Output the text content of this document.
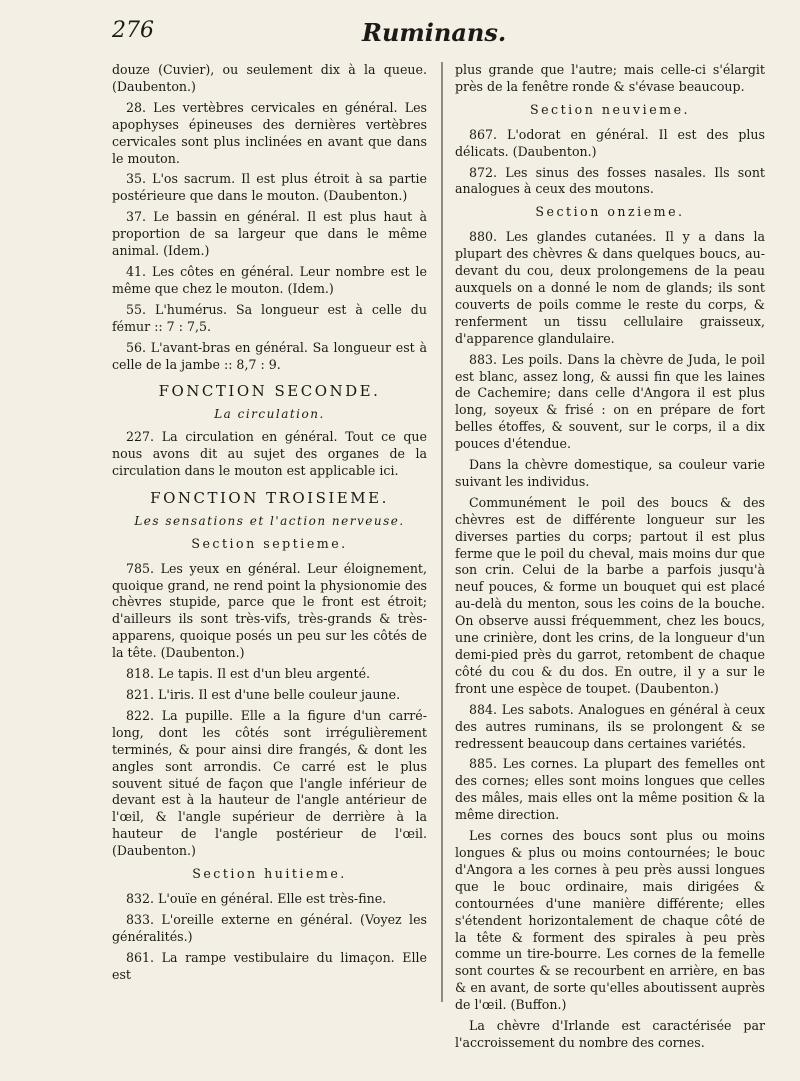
276	Ruminans.

douze (Cuvier), ou seulement dix à la queue. (Daubenton.)

28. Les vertèbres cervicales en général. Les apophyses épineuses des dernières vertèbres cervicales sont plus inclinées en avant que dans le mouton.

35. L'os sacrum. Il est plus étroit à sa partie postérieure que dans le mouton. (Daubenton.)

37. Le bassin en général. Il est plus haut à proportion de sa largeur que dans le même animal. (Idem.)

41. Les côtes en général. Leur nombre est le même que chez le mouton. (Idem.)

55. L'humérus. Sa longueur est à celle du fémur :: 7 : 7,5.

56. L'avant-bras en général. Sa longueur est à celle de la jambe :: 8,7 : 9.

FONCTION SECONDE.
La circulation.

227. La circulation en général. Tout ce que nous avons dit au sujet des organes de la circulation dans le mouton est applicable ici.

FONCTION TROISIEME.
Les sensations et l'action nerveuse.
Section septieme.

785. Les yeux en général. Leur éloignement, quoique grand, ne rend point la physionomie des chèvres stupide, parce que le front est étroit; d'ailleurs ils sont très-vifs, très-grands & très-apparens, quoique posés un peu sur les côtés de la tête. (Daubenton.)

818. Le tapis. Il est d'un bleu argenté.

821. L'iris. Il est d'une belle couleur jaune.

822. La pupille. Elle a la figure d'un carré-long, dont les côtés sont irrégulièrement terminés, & pour ainsi dire frangés, & dont les angles sont arrondis. Ce carré est le plus souvent situé de façon que l'angle inférieur de devant est à la hauteur de l'angle antérieur de l'œil, & l'angle supérieur de derrière à la hauteur de l'angle postérieur de l'œil. (Daubenton.)

Section huitieme.

832. L'ouïe en général. Elle est très-fine.

833. L'oreille externe en général. (Voyez les généralités.)

861. La rampe vestibulaire du limaçon. Elle est

plus grande que l'autre; mais celle-ci s'élargit près de la fenêtre ronde & s'évase beaucoup.

Section neuvieme.

867. L'odorat en général. Il est des plus délicats. (Daubenton.)

872. Les sinus des fosses nasales. Ils sont analogues à ceux des moutons.

Section onzieme.

880. Les glandes cutanées. Il y a dans la plupart des chèvres & dans quelques boucs, au-devant du cou, deux prolongemens de la peau auxquels on a donné le nom de glands; ils sont couverts de poils comme le reste du corps, & renferment un tissu cellulaire graisseux, d'apparence glandulaire.

883. Les poils. Dans la chèvre de Juda, le poil est blanc, assez long, & aussi fin que les laines de Cachemire; dans celle d'Angora il est plus long, soyeux & frisé : on en prépare de fort belles étoffes, & souvent, sur le corps, il a dix pouces d'étendue.

Dans la chèvre domestique, sa couleur varie suivant les individus.

Communément le poil des boucs & des chèvres est de différente longueur sur les diverses parties du corps; partout il est plus ferme que le poil du cheval, mais moins dur que son crin. Celui de la barbe a parfois jusqu'à neuf pouces, & forme un bouquet qui est placé au-delà du menton, sous les coins de la bouche. On observe aussi fréquemment, chez les boucs, une crinière, dont les crins, de la longueur d'un demi-pied près du garrot, retombent de chaque côté du cou & du dos. En outre, il y a sur le front une espèce de toupet. (Daubenton.)

884. Les sabots. Analogues en général à ceux des autres ruminans, ils se prolongent & se redressent beaucoup dans certaines variétés.

885. Les cornes. La plupart des femelles ont des cornes; elles sont moins longues que celles des mâles, mais elles ont la même position & la même direction.

Les cornes des boucs sont plus ou moins longues & plus ou moins contournées; le bouc d'Angora a les cornes à peu près aussi longues que le bouc ordinaire, mais dirigées & contournées d'une manière différente; elles s'étendent horizontalement de chaque côté de la tête & forment des spirales à peu près comme un tire-bourre. Les cornes de la femelle sont courtes & se recourbent en arrière, en bas & en avant, de sorte qu'elles aboutissent auprès de l'œil. (Buffon.)

La chèvre d'Irlande est caractérisée par l'accroissement du nombre des cornes.
